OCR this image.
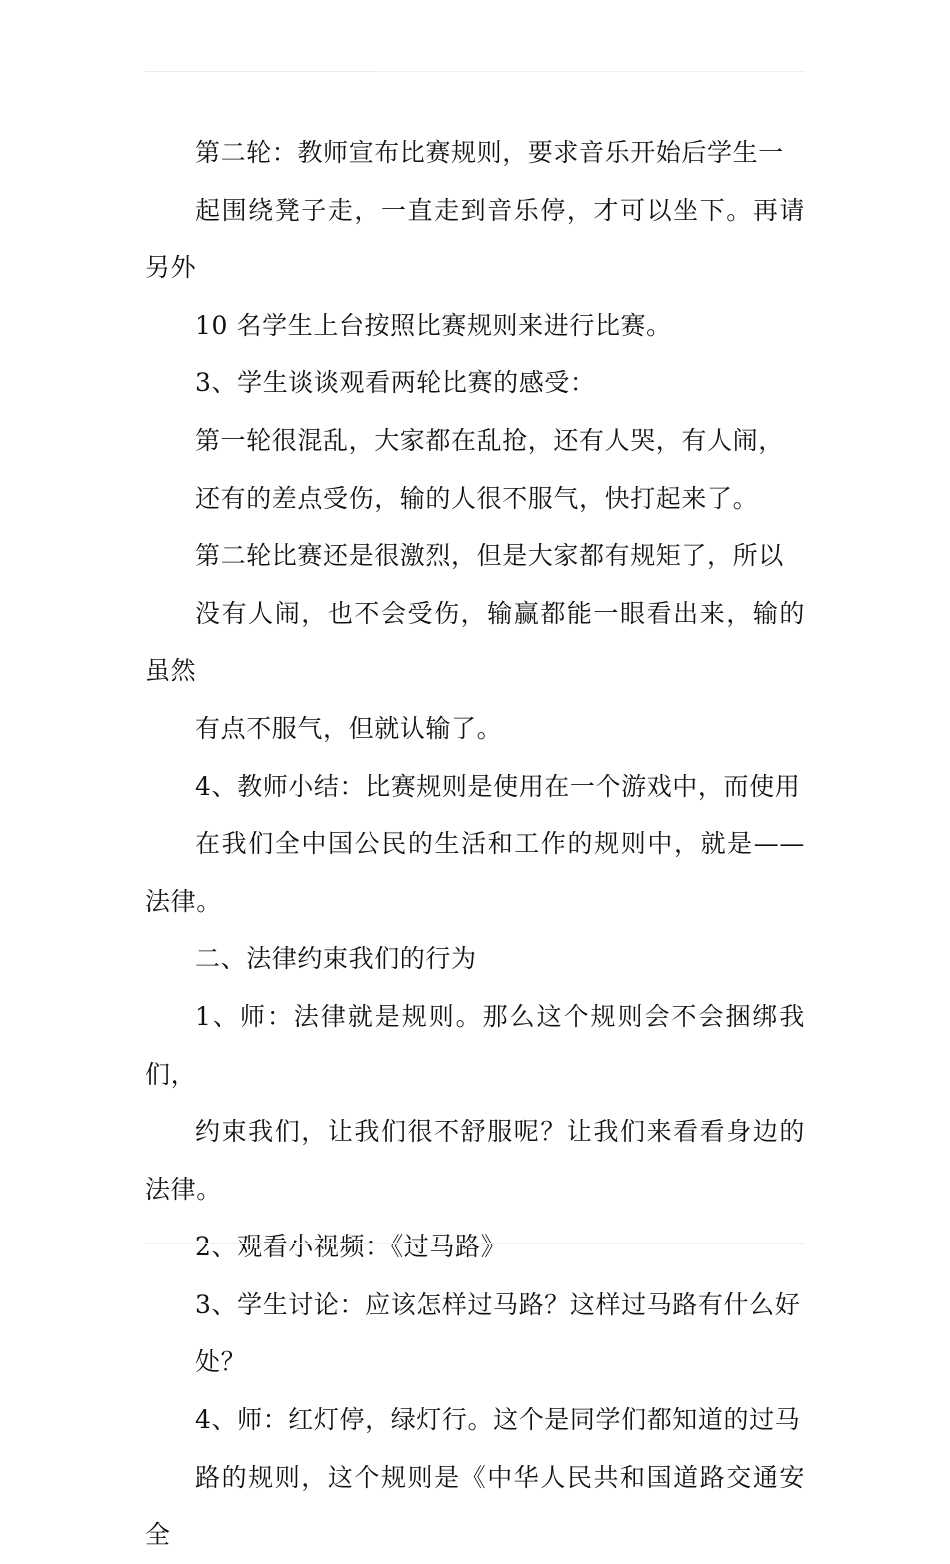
第二轮：教师宣布比赛规则，要求音乐开始后学生一
起围绕凳子走，一直走到音乐停，才可以坐下。再请另外
10 名学生上台按照比赛规则来进行比赛。

3、学生谈谈观看两轮比赛的感受：

第一轮很混乱，大家都在乱抢，还有人哭，有人闹，
还有的差点受伤，输的人很不服气，快打起来了。

第二轮比赛还是很激烈，但是大家都有规矩了，所以
没有人闹，也不会受伤，输赢都能一眼看出来，输的虽然
有点不服气，但就认输了。

4、教师小结：比赛规则是使用在一个游戏中，而使用
在我们全中国公民的生活和工作的规则中，就是——法律。

二、法律约束我们的行为

1、师：法律就是规则。那么这个规则会不会捆绑我们，
约束我们，让我们很不舒服呢？让我们来看看身边的法律。

2、观看小视频：《过马路》

3、学生讨论：应该怎样过马路？这样过马路有什么好
处？

4、师：红灯停，绿灯行。这个是同学们都知道的过马
路的规则，这个规则是《中华人民共和国道路交通安全
